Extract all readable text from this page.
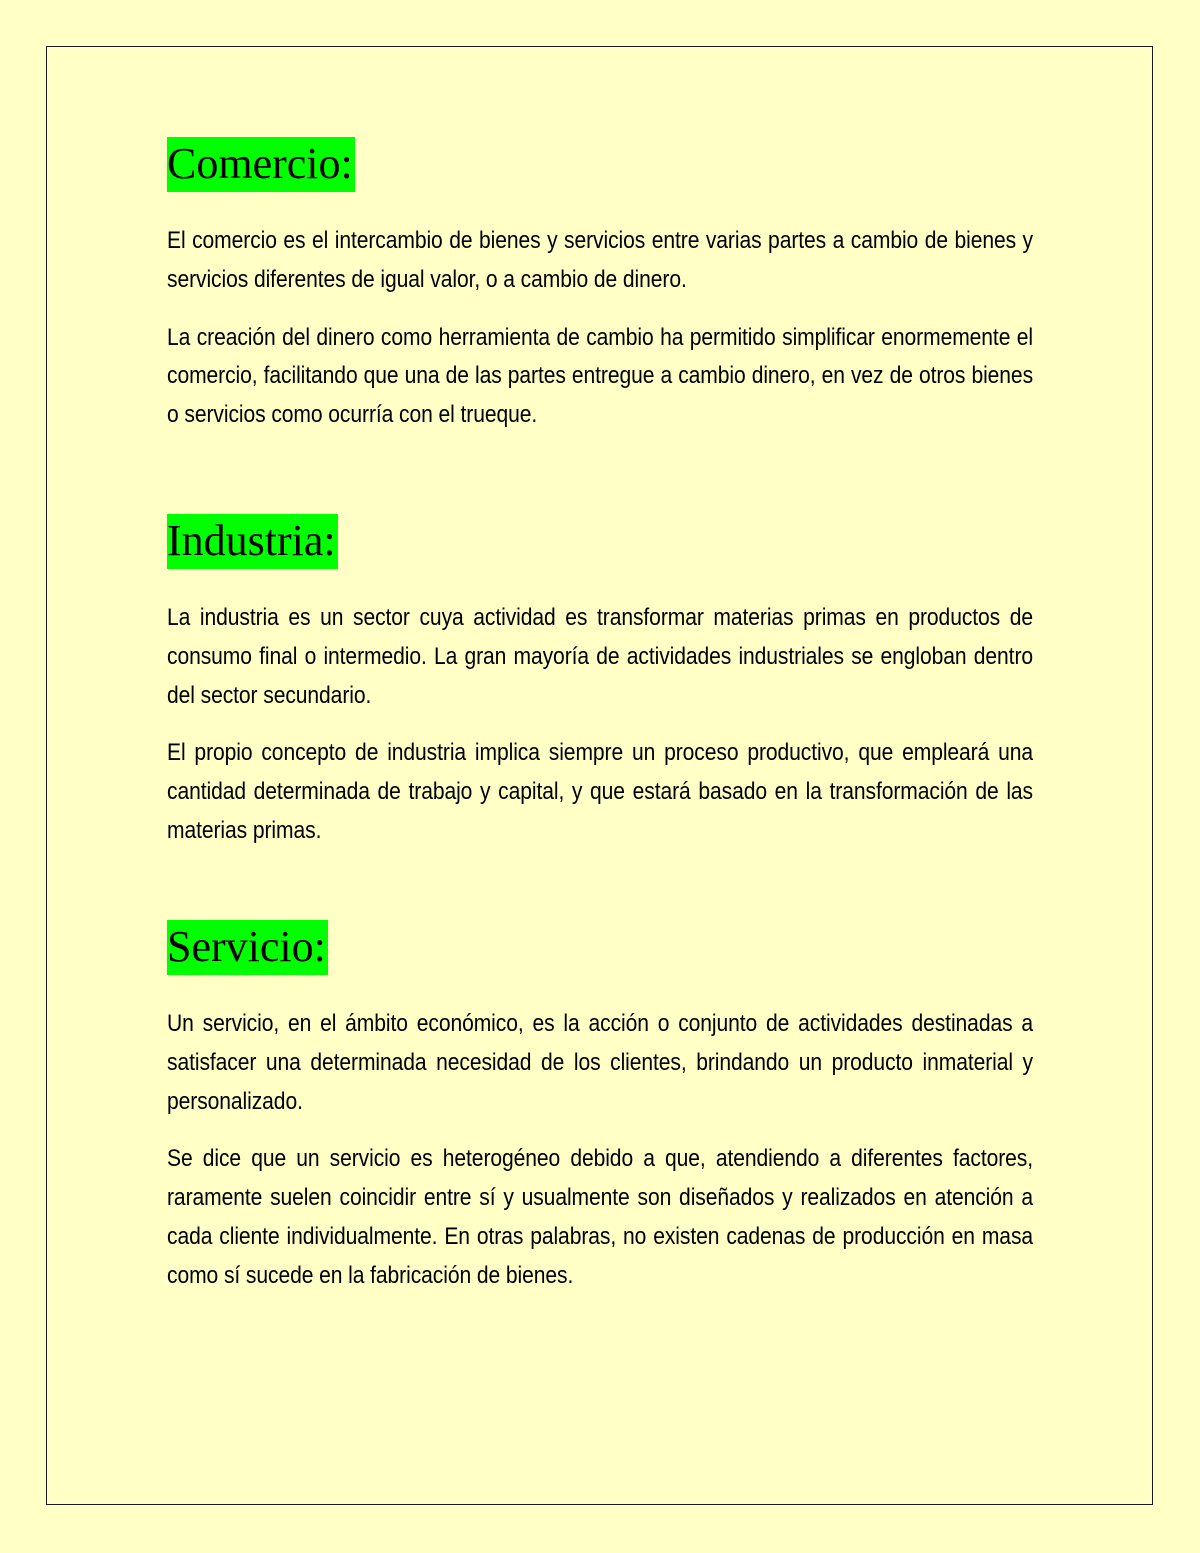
Comercio:

El comercio es el intercambio de bienes y servicios entre varias partes a cambio de bienes y servicios diferentes de igual valor, o a cambio de dinero.

La creación del dinero como herramienta de cambio ha permitido simplificar enormemente el comercio, facilitando que una de las partes entregue a cambio dinero, en vez de otros bienes o servicios como ocurría con el trueque.

Industria:

La industria es un sector cuya actividad es transformar materias primas en productos de consumo final o intermedio. La gran mayoría de actividades industriales se engloban dentro del sector secundario.

El propio concepto de industria implica siempre un proceso productivo, que empleará una cantidad determinada de trabajo y capital, y que estará basado en la transformación de las materias primas.

Servicio:

Un servicio, en el ámbito económico, es la acción o conjunto de actividades destinadas a satisfacer una determinada necesidad de los clientes, brindando un producto inmaterial y personalizado.

Se dice que un servicio es heterogéneo debido a que, atendiendo a diferentes factores, raramente suelen coincidir entre sí y usualmente son diseñados y realizados en atención a cada cliente individualmente. En otras palabras, no existen cadenas de producción en masa como sí sucede en la fabricación de bienes.
